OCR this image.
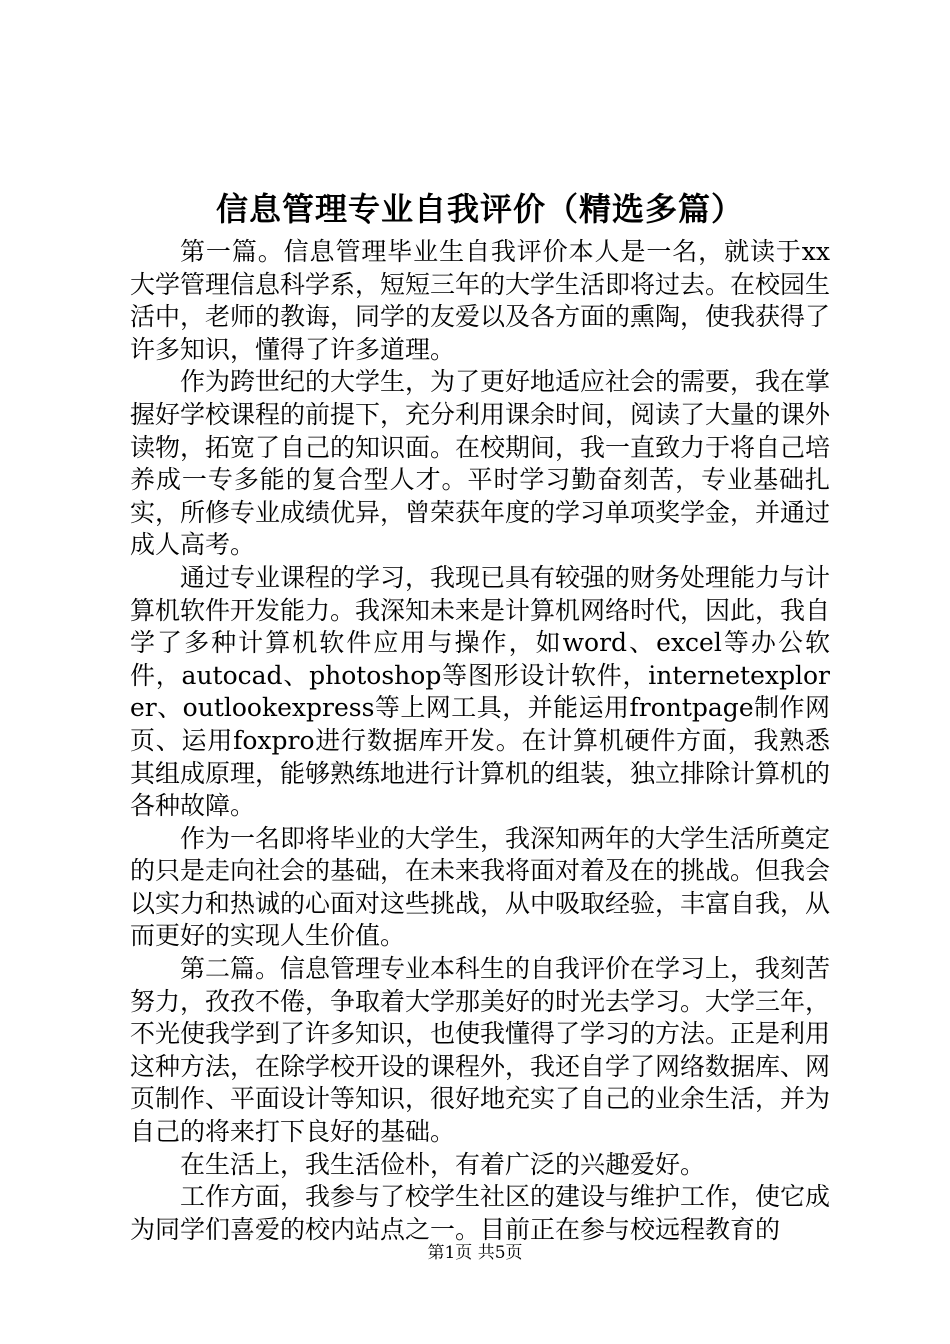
信息管理专业自我评价（精选多篇）

第一篇。信息管理毕业生自我评价本人是一名，就读于xx大学管理信息科学系，短短三年的大学生活即将过去。在校园生活中，老师的教诲，同学的友爱以及各方面的熏陶，使我获得了许多知识，懂得了许多道理。

作为跨世纪的大学生，为了更好地适应社会的需要，我在掌握好学校课程的前提下，充分利用课余时间，阅读了大量的课外读物，拓宽了自己的知识面。在校期间，我一直致力于将自己培养成一专多能的复合型人才。平时学习勤奋刻苦，专业基础扎实，所修专业成绩优异，曾荣获年度的学习单项奖学金，并通过成人高考。

通过专业课程的学习，我现已具有较强的财务处理能力与计算机软件开发能力。我深知未来是计算机网络时代，因此，我自学了多种计算机软件应用与操作，如word、excel等办公软件，autocad、photoshop等图形设计软件，internetexplorer、outlookexpress等上网工具，并能运用frontpage制作网页、运用foxpro进行数据库开发。在计算机硬件方面，我熟悉其组成原理，能够熟练地进行计算机的组装，独立排除计算机的各种故障。

作为一名即将毕业的大学生，我深知两年的大学生活所奠定的只是走向社会的基础，在未来我将面对着及在的挑战。但我会以实力和热诚的心面对这些挑战，从中吸取经验，丰富自我，从而更好的实现人生价值。

第二篇。信息管理专业本科生的自我评价在学习上，我刻苦努力，孜孜不倦，争取着大学那美好的时光去学习。大学三年，不光使我学到了许多知识，也使我懂得了学习的方法。正是利用这种方法，在除学校开设的课程外，我还自学了网络数据库、网页制作、平面设计等知识，很好地充实了自己的业余生活，并为自己的将来打下良好的基础。

在生活上，我生活俭朴，有着广泛的兴趣爱好。

工作方面，我参与了校学生社区的建设与维护工作，使它成为同学们喜爱的校内站点之一。目前正在参与校远程教育的

第1页 共5页
